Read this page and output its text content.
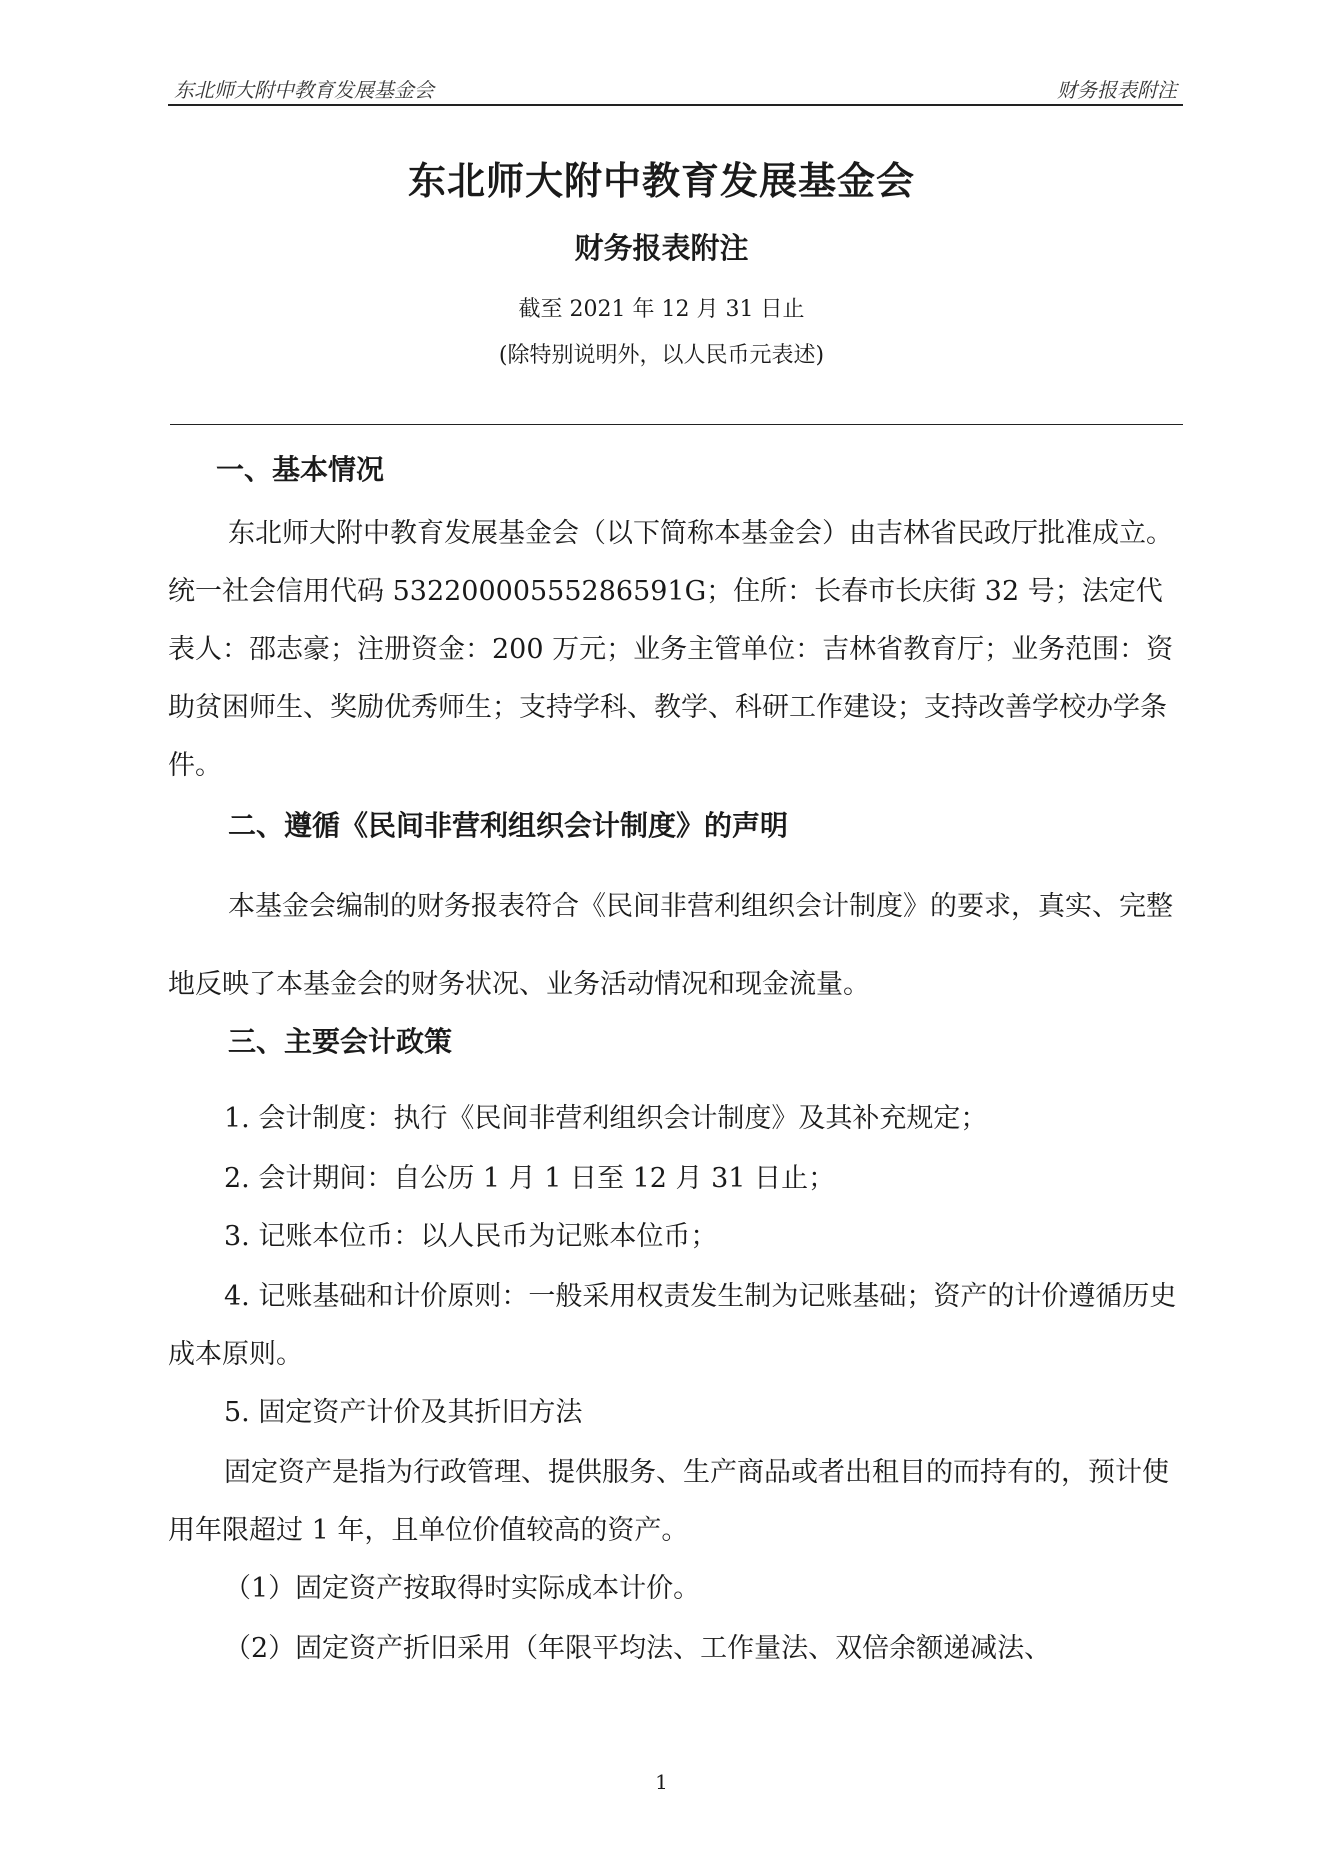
东北师大附中教育发展基金会	财务报表附注
东北师大附中教育发展基金会
财务报表附注
截至 2021 年 12 月 31 日止
(除特别说明外，以人民币元表述)
一、基本情况
东北师大附中教育发展基金会（以下简称本基金会）由吉林省民政厅批准成立。统一社会信用代码 53220000555286591G；住所：长春市长庆街 32 号；法定代表人：邵志豪；注册资金：200 万元；业务主管单位：吉林省教育厅；业务范围：资助贫困师生、奖励优秀师生；支持学科、教学、科研工作建设；支持改善学校办学条件。
二、遵循《民间非营利组织会计制度》的声明
本基金会编制的财务报表符合《民间非营利组织会计制度》的要求，真实、完整地反映了本基金会的财务状况、业务活动情况和现金流量。
三、主要会计政策
1. 会计制度：执行《民间非营利组织会计制度》及其补充规定；
2. 会计期间：自公历 1 月 1 日至 12 月 31 日止；
3. 记账本位币：以人民币为记账本位币；
4. 记账基础和计价原则：一般采用权责发生制为记账基础；资产的计价遵循历史成本原则。
5. 固定资产计价及其折旧方法
固定资产是指为行政管理、提供服务、生产商品或者出租目的而持有的，预计使用年限超过 1 年，且单位价值较高的资产。
（1）固定资产按取得时实际成本计价。
（2）固定资产折旧采用（年限平均法、工作量法、双倍余额递减法、
1
